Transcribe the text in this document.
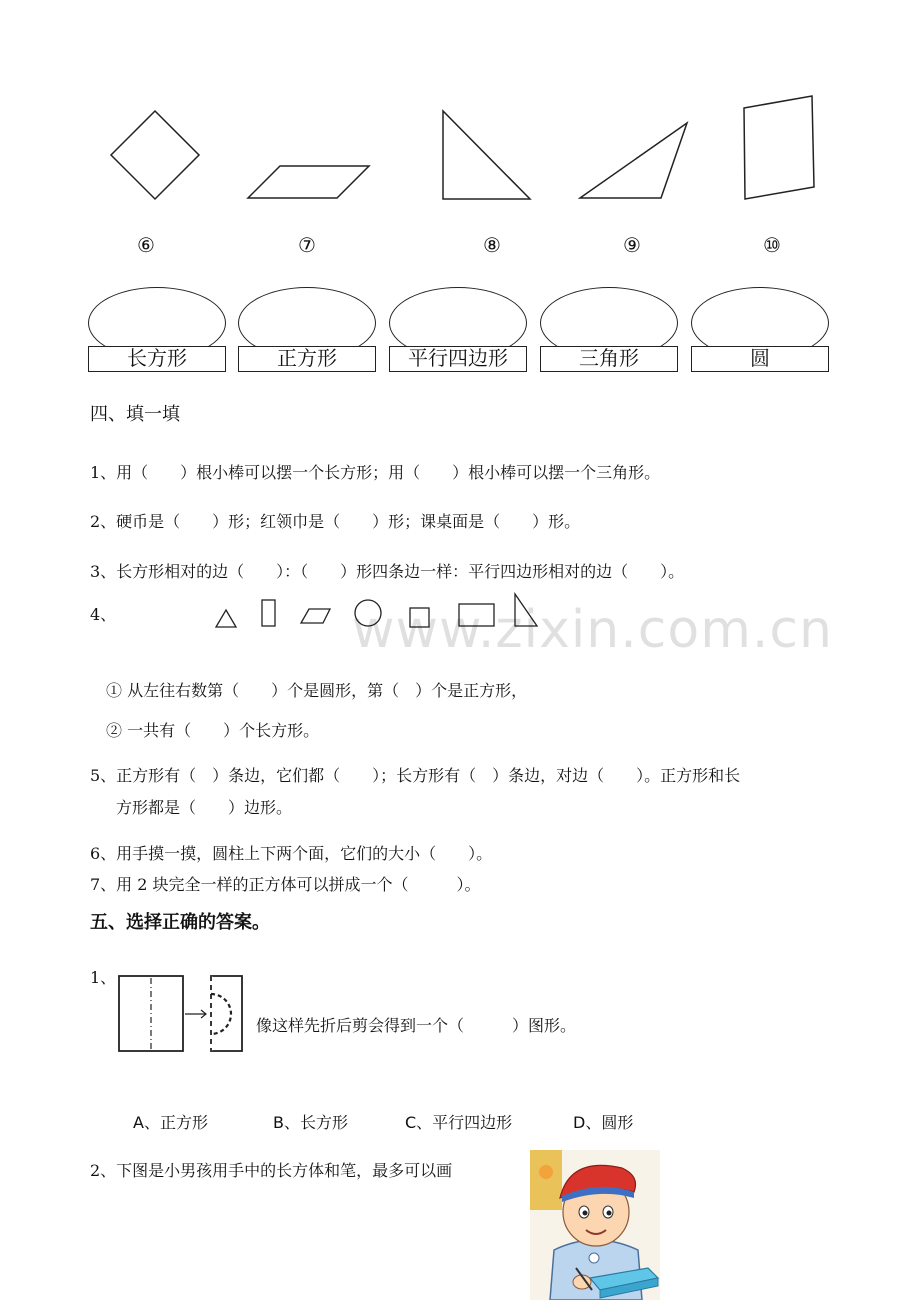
⑥	⑦	⑧	⑨	⑩
长方形	正方形	平行四边形	三角形	圆
四、填一填
1、用（　　）根小棒可以摆一个长方形；用（　　）根小棒可以摆一个三角形。
2、硬币是（　　）形；红领巾是（　　）形；课桌面是（　　）形。
3、长方形相对的边（　　）：（　　）形四条边一样：平行四边形相对的边（　　）。
4、	www.zixin.com.cn
① 从左往右数第（　　）个是圆形，第（　）个是正方形，
② 一共有（　　）个长方形。
5、正方形有（　）条边，它们都（　　）；长方形有（　）条边，对边（　　）。正方形和长
方形都是（　　）边形。
6、用手摸一摸，圆柱上下两个面，它们的大小（　　）。
7、用 2 块完全一样的正方体可以拼成一个（　　　）。
五、选择正确的答案。
1、
像这样先折后剪会得到一个（　　　）图形。
A、正方形	B、长方形	C、平行四边形	D、圆形
2、下图是小男孩用手中的长方体和笔，最多可以画
